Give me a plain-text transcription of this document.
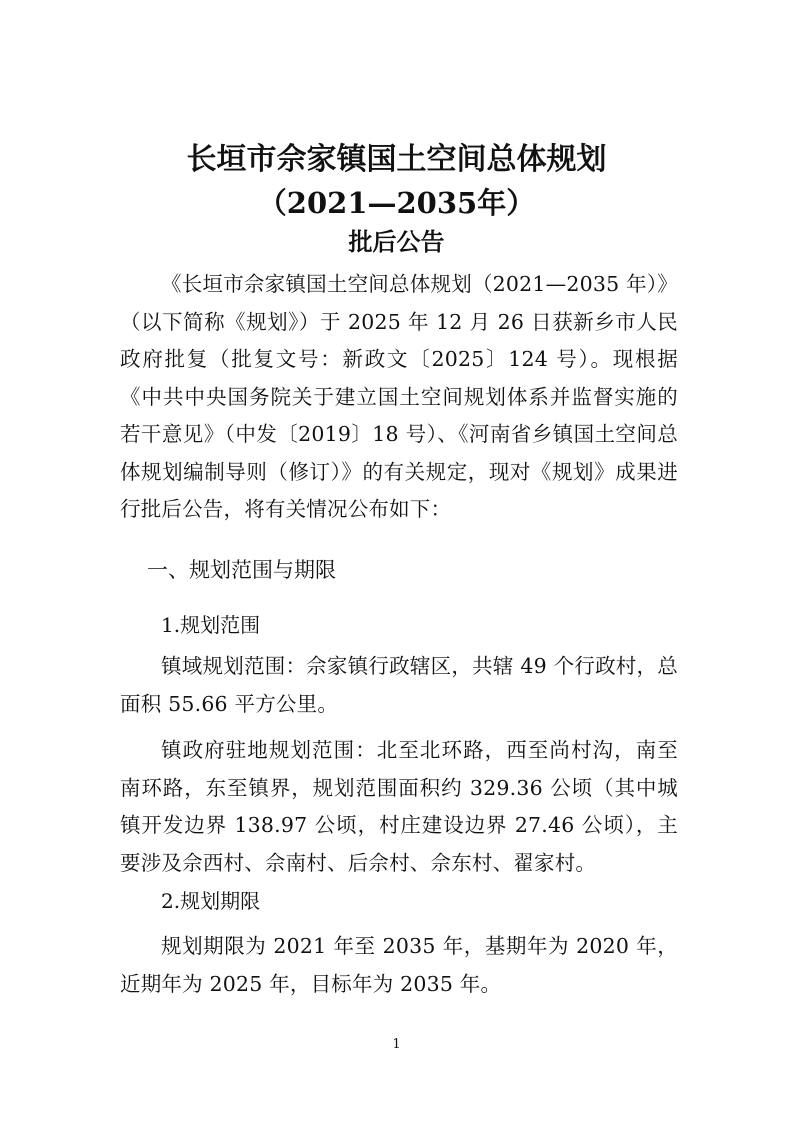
长垣市佘家镇国土空间总体规划
（2021—2035年）
批后公告
《长垣市佘家镇国土空间总体规划（2021—2035 年）》（以下简称《规划》）于 2025 年 12 月 26 日获新乡市人民政府批复（批复文号：新政文〔2025〕124 号）。现根据《中共中央国务院关于建立国土空间规划体系并监督实施的若干意见》（中发〔2019〕18 号）、《河南省乡镇国土空间总体规划编制导则（修订）》的有关规定，现对《规划》成果进行批后公告，将有关情况公布如下：
一、规划范围与期限
1.规划范围
镇域规划范围：佘家镇行政辖区，共辖 49 个行政村，总面积 55.66 平方公里。
镇政府驻地规划范围：北至北环路，西至尚村沟，南至南环路，东至镇界，规划范围面积约 329.36 公顷（其中城镇开发边界 138.97 公顷，村庄建设边界 27.46 公顷），主要涉及佘西村、佘南村、后佘村、佘东村、翟家村。
2.规划期限
规划期限为 2021 年至 2035 年，基期年为 2020 年，近期年为 2025 年，目标年为 2035 年。
1
